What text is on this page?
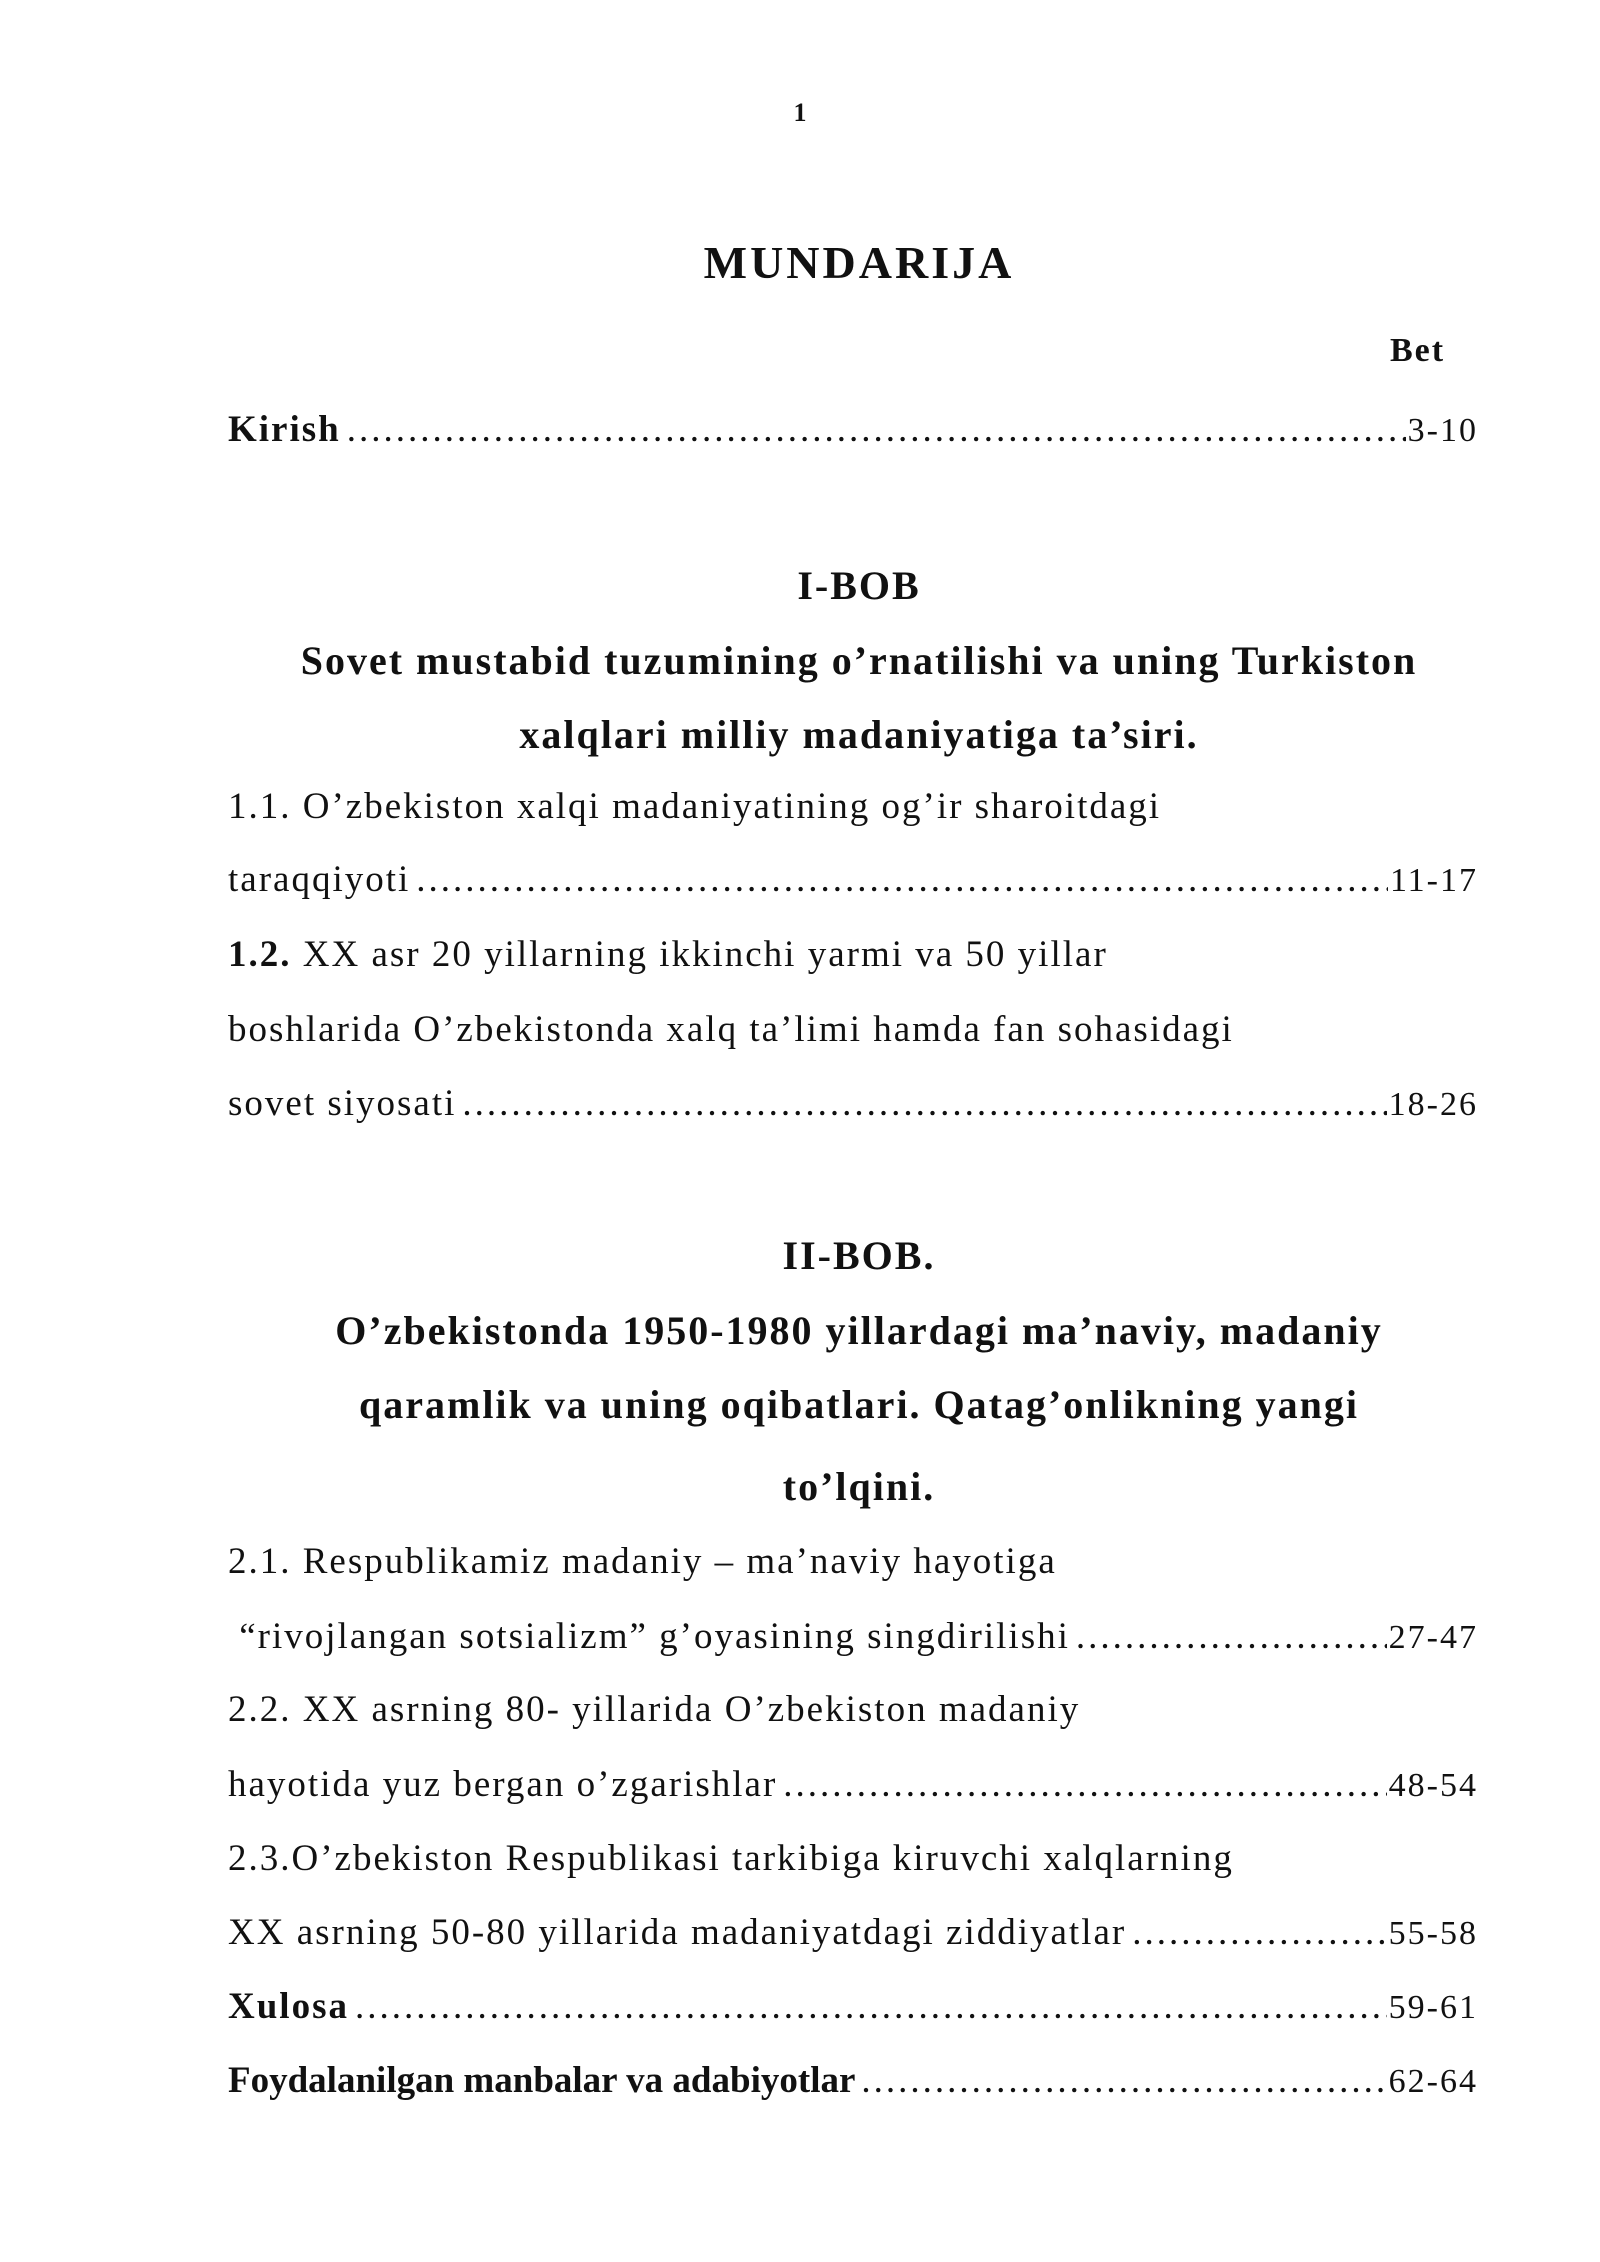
1
MUNDARIJA
Bet
Kirish .....	3-10
I-BOB
Sovet mustabid tuzumining o’rnatilishi va uning Turkiston
xalqlari milliy madaniyatiga ta’siri.
1.1. O’zbekiston xalqi madaniyatining og’ir sharoitdagi
taraqqiyoti .....	11-17
1.2. XX asr 20 yillarning ikkinchi yarmi va 50 yillar
boshlarida O’zbekistonda xalq ta’limi hamda fan sohasidagi
sovet siyosati .....	18-26
II-BOB.
O’zbekistonda 1950-1980 yillardagi ma’naviy, madaniy
qaramlik va uning oqibatlari. Qatag’onlikning yangi
to’lqini.
2.1. Respublikamiz madaniy – ma’naviy hayotiga
“rivojlangan sotsializm” g’oyasining singdirilishi .....	27-47
2.2. XX asrning 80- yillarida O’zbekiston madaniy
hayotida yuz bergan o’zgarishlar .....	48-54
2.3.O’zbekiston Respublikasi tarkibiga kiruvchi xalqlarning
XX asrning 50-80 yillarida madaniyatdagi ziddiyatlar .....	55-58
Xulosa .....	59-61
Foydalanilgan manbalar va adabiyotlar .....	62-64
